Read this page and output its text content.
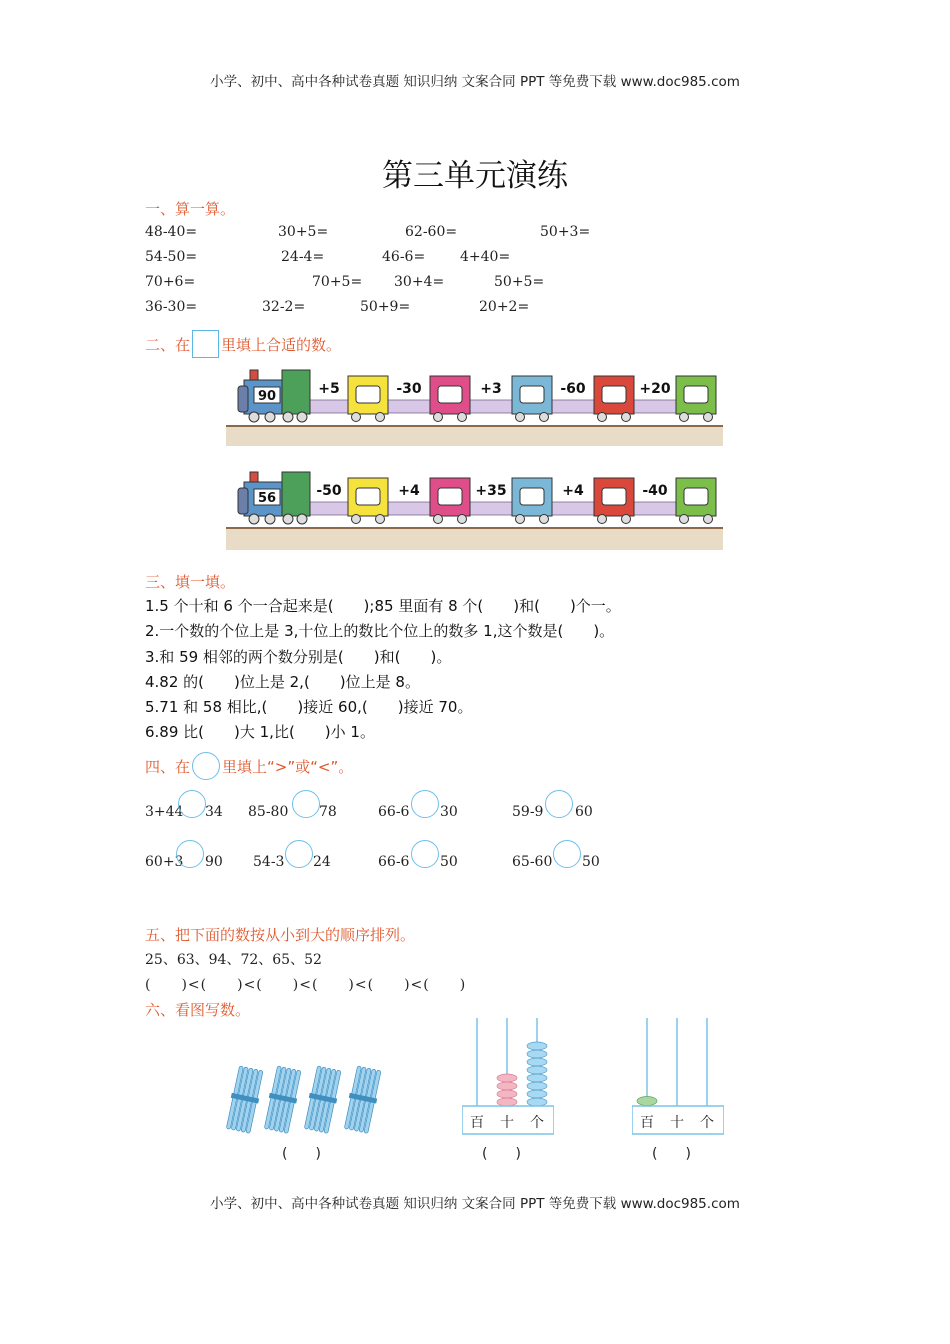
小学、初中、高中各种试卷真题 知识归纳 文案合同 PPT 等免费下载 www.doc985.com
第三单元演练
一、算一算。
48-40=	30+5=	62-60=	50+3=
54-50=	24-4=	46-6= 4+40=
70+6=	70+5= 30+4=	50+5=
36-30=	32-2=	50+9=	20+2=
二、在 里填上合适的数。
90	+5	-30	+3	-60	+20
56	-50	+4	+35	+4	-40
三、填一填。
1.5 个十和 6 个一合起来是(　　);85 里面有 8 个(　　)和(　　)个一。
2.一个数的个位上是 3,十位上的数比个位上的数多 1,这个数是(　　)。
3.和 59 相邻的两个数分别是(　　)和(　　)。
4.82 的(　　)位上是 2,(　　)位上是 8。
5.71 和 58 相比,(　　)接近 60,(　　)接近 70。
6.89 比(　　)大 1,比(　　)小 1。
四、在 里填上“>”或“<”。
3+44 34 85-80 78	66-6 30	59-9 60
60+3 90 54-3 24	66-6 50	65-60 50
五、把下面的数按从小到大的顺序排列。
25、63、94、72、65、52
(　　)<(　　)<(　　)<(　　)<(　　)<(　　)
六、看图写数。
(　　)
百 十 个
(　　)
百 十 个
(　　)
小学、初中、高中各种试卷真题 知识归纳 文案合同 PPT 等免费下载 www.doc985.com
